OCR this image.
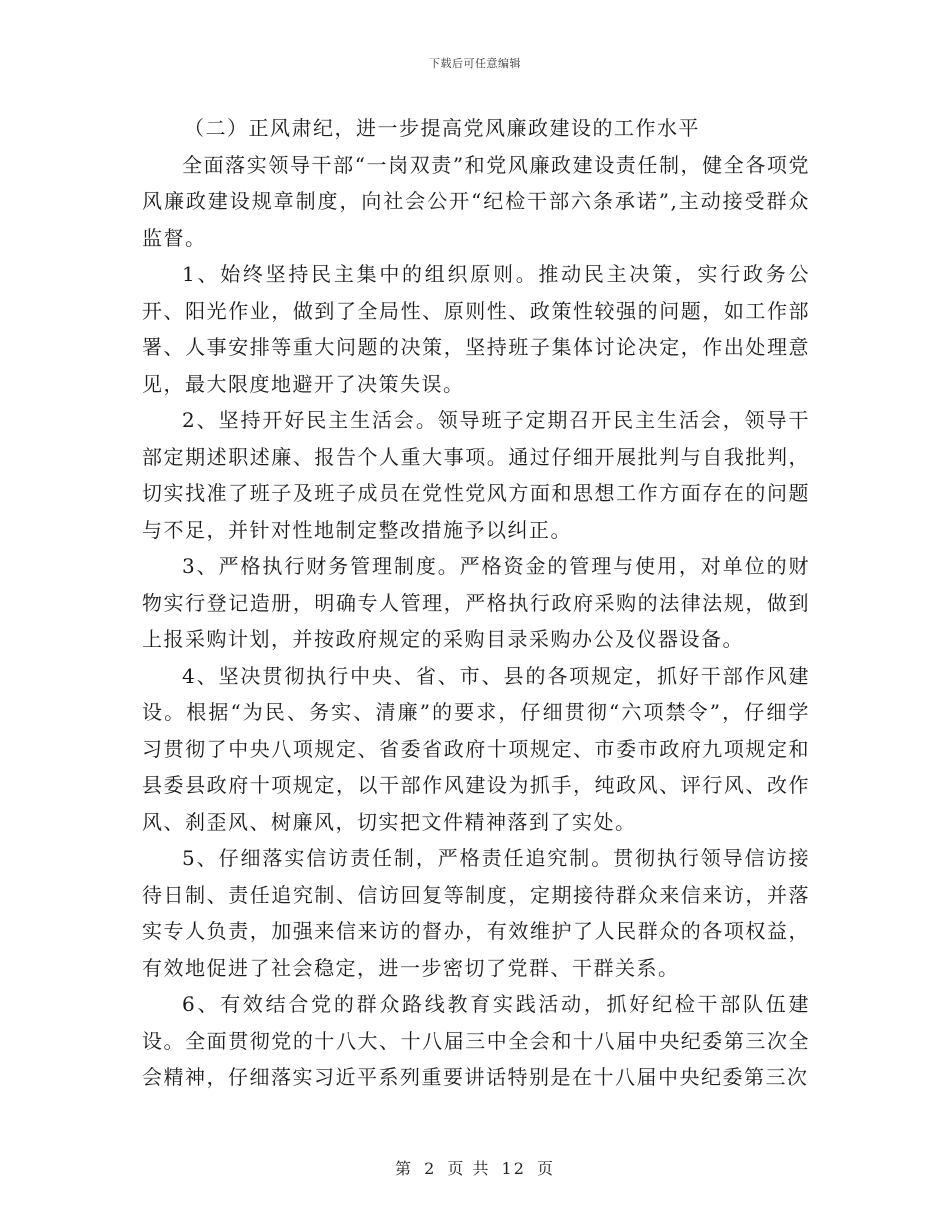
下载后可任意编辑

（二）正风肃纪，进一步提高党风廉政建设的工作水平

全面落实领导干部“一岗双责”和党风廉政建设责任制，健全各项党风廉政建设规章制度，向社会公开“纪检干部六条承诺”,主动接受群众监督。

1、始终坚持民主集中的组织原则。推动民主决策，实行政务公开、阳光作业，做到了全局性、原则性、政策性较强的问题，如工作部署、人事安排等重大问题的决策，坚持班子集体讨论决定，作出处理意见，最大限度地避开了决策失误。

2、坚持开好民主生活会。领导班子定期召开民主生活会，领导干部定期述职述廉、报告个人重大事项。通过仔细开展批判与自我批判，切实找准了班子及班子成员在党性党风方面和思想工作方面存在的问题与不足，并针对性地制定整改措施予以纠正。

3、严格执行财务管理制度。严格资金的管理与使用，对单位的财物实行登记造册，明确专人管理，严格执行政府采购的法律法规，做到上报采购计划，并按政府规定的采购目录采购办公及仪器设备。

4、坚决贯彻执行中央、省、市、县的各项规定，抓好干部作风建设。根据“为民、务实、清廉”的要求，仔细贯彻“六项禁令”，仔细学习贯彻了中央八项规定、省委省政府十项规定、市委市政府九项规定和县委县政府十项规定，以干部作风建设为抓手，纯政风、评行风、改作风、刹歪风、树廉风，切实把文件精神落到了实处。

5、仔细落实信访责任制，严格责任追究制。贯彻执行领导信访接待日制、责任追究制、信访回复等制度，定期接待群众来信来访，并落实专人负责，加强来信来访的督办，有效维护了人民群众的各项权益，有效地促进了社会稳定，进一步密切了党群、干群关系。

6、有效结合党的群众路线教育实践活动，抓好纪检干部队伍建设。全面贯彻党的十八大、十八届三中全会和十八届中央纪委第三次全会精神，仔细落实习近平系列重要讲话特别是在十八届中央纪委第三次

第 2 页 共 12 页
